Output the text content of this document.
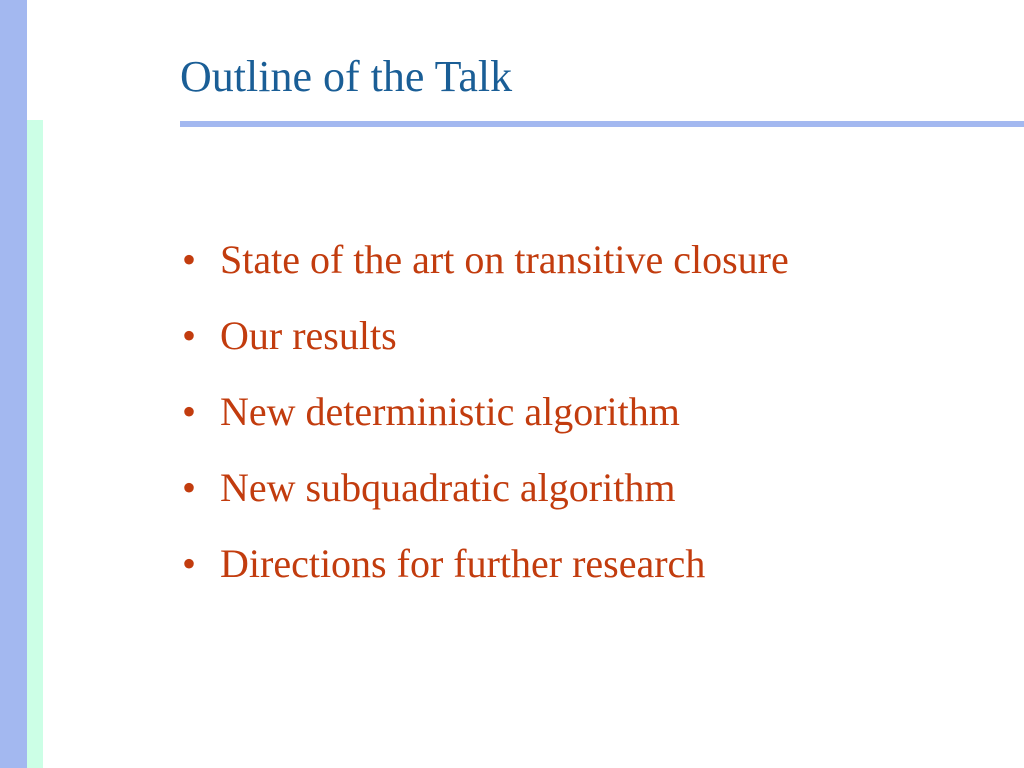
Outline of the Talk
• State of the art on transitive closure
• Our results
• New deterministic algorithm
• New subquadratic algorithm
• Directions for further research
